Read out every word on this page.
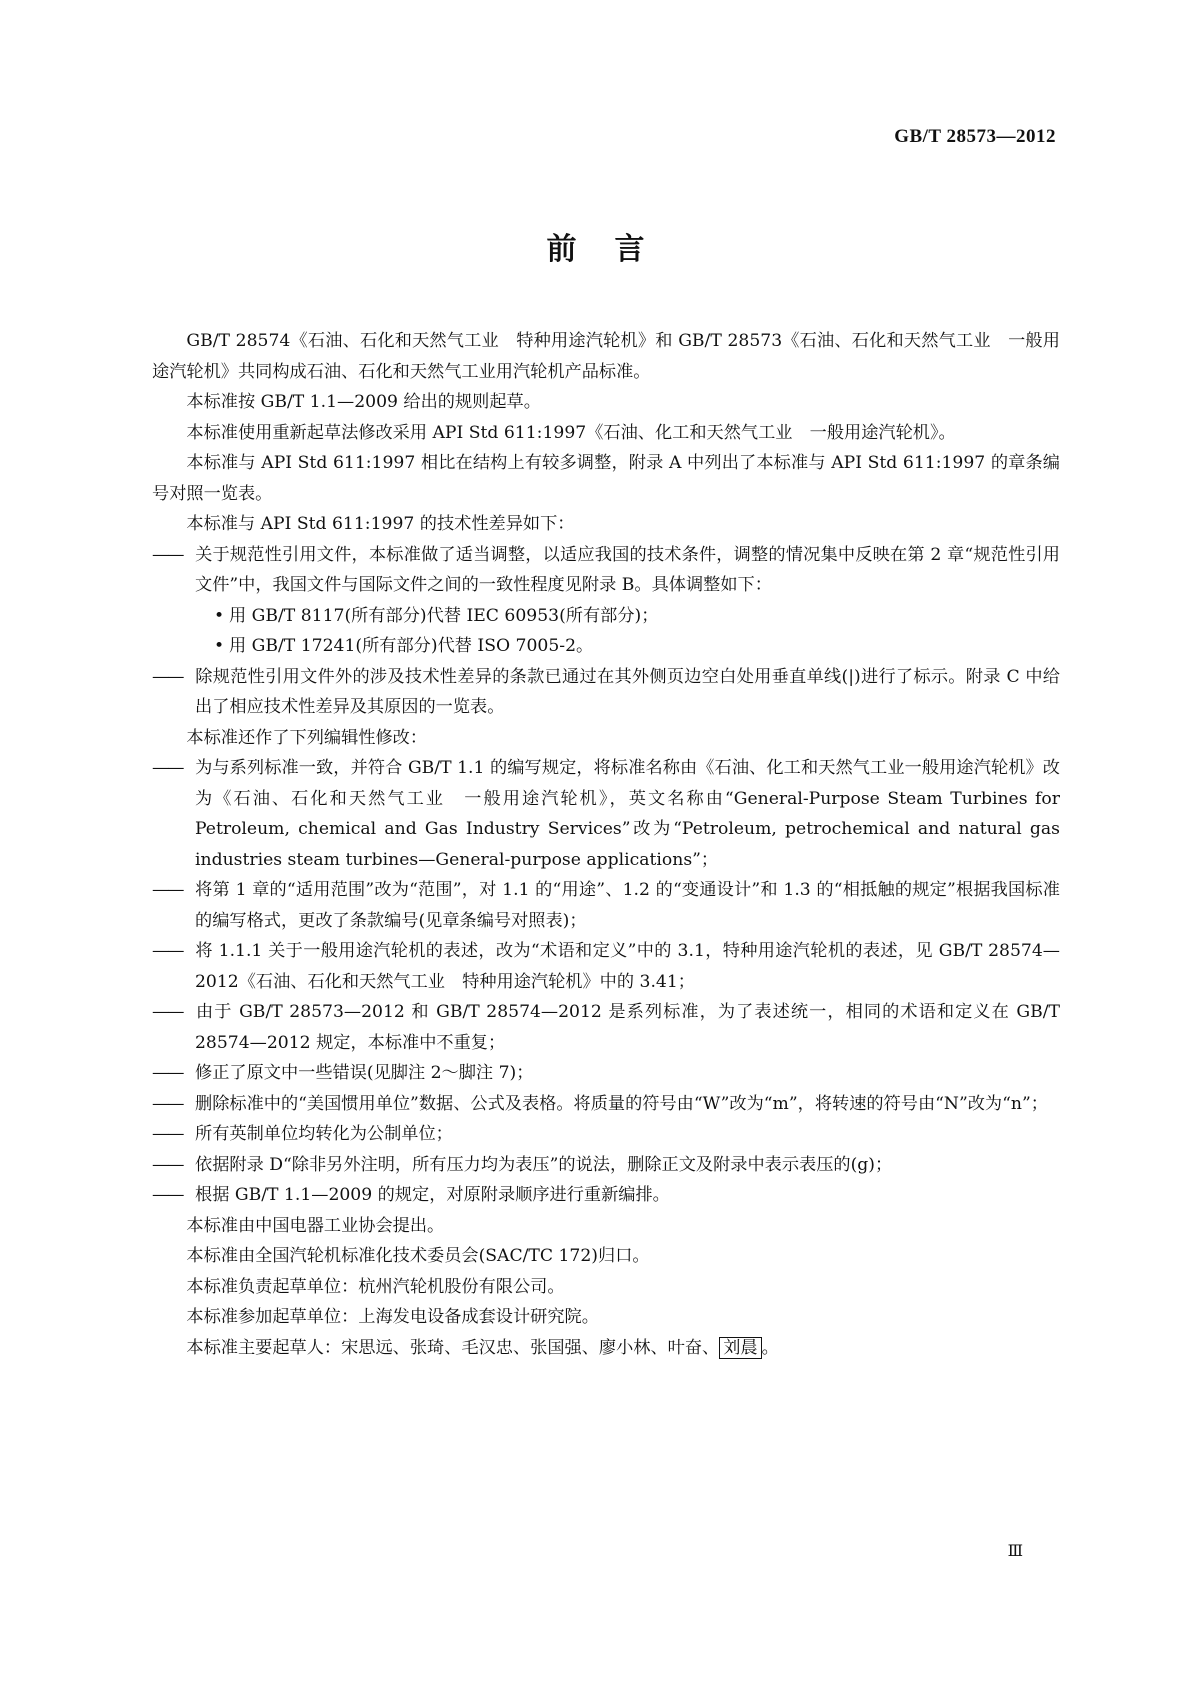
GB/T 28573—2012
前言

GB/T 28574《石油、石化和天然气工业　特种用途汽轮机》和 GB/T 28573《石油、石化和天然气工业　一般用途汽轮机》共同构成石油、石化和天然气工业用汽轮机产品标准。

本标准按 GB/T 1.1—2009 给出的规则起草。

本标准使用重新起草法修改采用 API Std 611:1997《石油、化工和天然气工业　一般用途汽轮机》。

本标准与 API Std 611:1997 相比在结构上有较多调整，附录 A 中列出了本标准与 API Std 611:1997 的章条编号对照一览表。

本标准与 API Std 611:1997 的技术性差异如下：

—— 关于规范性引用文件，本标准做了适当调整，以适应我国的技术条件，调整的情况集中反映在第 2 章“规范性引用文件”中，我国文件与国际文件之间的一致性程度见附录 B。具体调整如下：

• 用 GB/T 8117(所有部分)代替 IEC 60953(所有部分)；

• 用 GB/T 17241(所有部分)代替 ISO 7005-2。

—— 除规范性引用文件外的涉及技术性差异的条款已通过在其外侧页边空白处用垂直单线(|)进行了标示。附录 C 中给出了相应技术性差异及其原因的一览表。

本标准还作了下列编辑性修改：

—— 为与系列标准一致，并符合 GB/T 1.1 的编写规定，将标准名称由《石油、化工和天然气工业一般用途汽轮机》改为《石油、石化和天然气工业　一般用途汽轮机》，英文名称由“General-Purpose Steam Turbines for Petroleum, chemical and Gas Industry Services”改为“Petroleum, petrochemical and natural gas industries steam turbines—General-purpose applications”；

—— 将第 1 章的“适用范围”改为“范围”，对 1.1 的“用途”、1.2 的“变通设计”和 1.3 的“相抵触的规定”根据我国标准的编写格式，更改了条款编号(见章条编号对照表)；

—— 将 1.1.1 关于一般用途汽轮机的表述，改为“术语和定义”中的 3.1，特种用途汽轮机的表述，见 GB/T 28574—2012《石油、石化和天然气工业　特种用途汽轮机》中的 3.41；

—— 由于 GB/T 28573—2012 和 GB/T 28574—2012 是系列标准，为了表述统一，相同的术语和定义在 GB/T 28574—2012 规定，本标准中不重复；

—— 修正了原文中一些错误(见脚注 2～脚注 7)；

—— 删除标准中的“美国惯用单位”数据、公式及表格。将质量的符号由“W”改为“m”，将转速的符号由“N”改为“n”；

—— 所有英制单位均转化为公制单位；

—— 依据附录 D“除非另外注明，所有压力均为表压”的说法，删除正文及附录中表示表压的(g)；

—— 根据 GB/T 1.1—2009 的规定，对原附录顺序进行重新编排。

本标准由中国电器工业协会提出。

本标准由全国汽轮机标准化技术委员会(SAC/TC 172)归口。

本标准负责起草单位：杭州汽轮机股份有限公司。

本标准参加起草单位：上海发电设备成套设计研究院。

本标准主要起草人：宋思远、张琦、毛汉忠、张国强、廖小林、叶奋、 刘晨 。

Ⅲ
